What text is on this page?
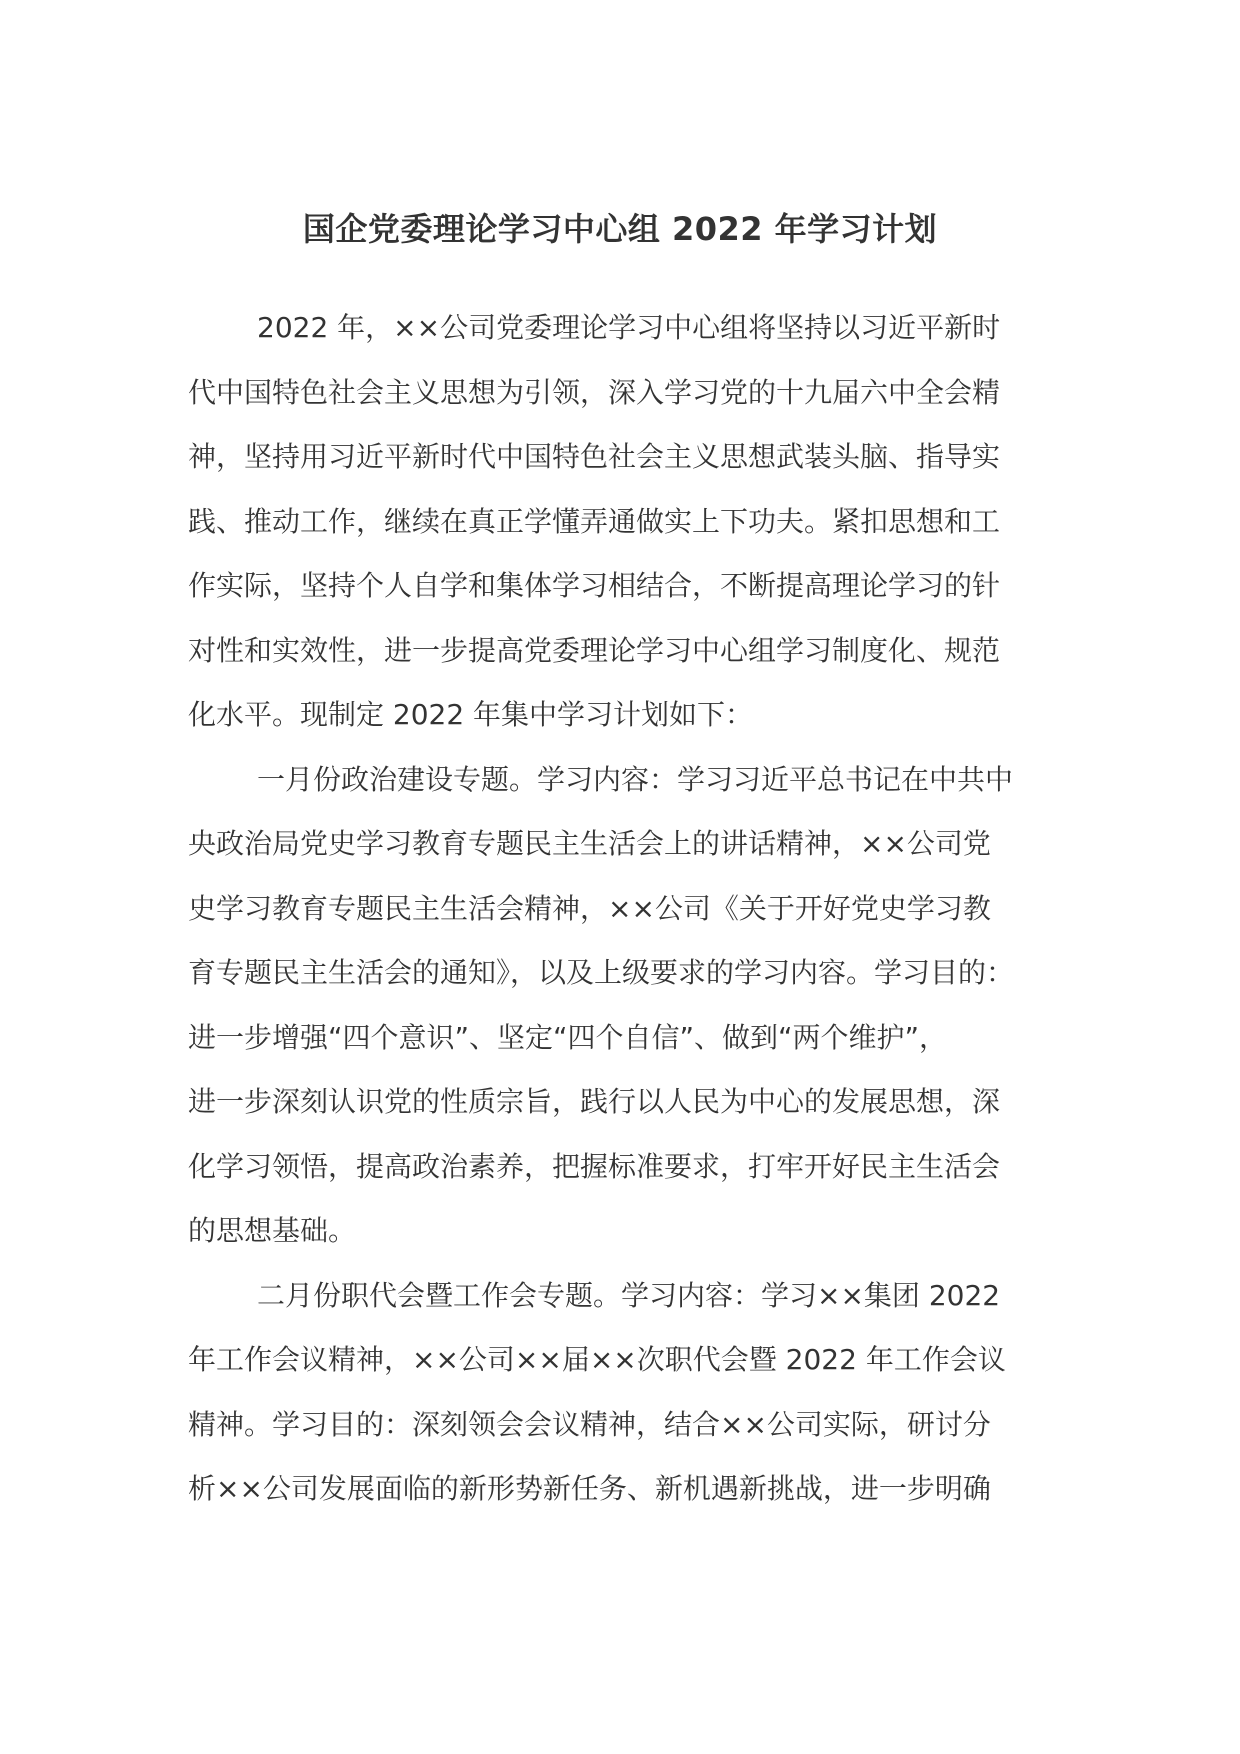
国企党委理论学习中心组 2022 年学习计划
2022 年，××公司党委理论学习中心组将坚持以习近平新时
代中国特色社会主义思想为引领，深入学习党的十九届六中全会精
神，坚持用习近平新时代中国特色社会主义思想武装头脑、指导实
践、推动工作，继续在真正学懂弄通做实上下功夫。紧扣思想和工
作实际，坚持个人自学和集体学习相结合，不断提高理论学习的针
对性和实效性，进一步提高党委理论学习中心组学习制度化、规范
化水平。现制定 2022 年集中学习计划如下：
一月份政治建设专题。学习内容：学习习近平总书记在中共中
央政治局党史学习教育专题民主生活会上的讲话精神，××公司党
史学习教育专题民主生活会精神，××公司《关于开好党史学习教
育专题民主生活会的通知》，以及上级要求的学习内容。学习目的：
进一步增强“四个意识”、坚定“四个自信”、做到“两个维护”，
进一步深刻认识党的性质宗旨，践行以人民为中心的发展思想，深
化学习领悟，提高政治素养，把握标准要求，打牢开好民主生活会
的思想基础。
二月份职代会暨工作会专题。学习内容：学习××集团 2022
年工作会议精神，××公司××届××次职代会暨 2022 年工作会议
精神。学习目的：深刻领会会议精神，结合××公司实际，研讨分
析××公司发展面临的新形势新任务、新机遇新挑战，进一步明确
